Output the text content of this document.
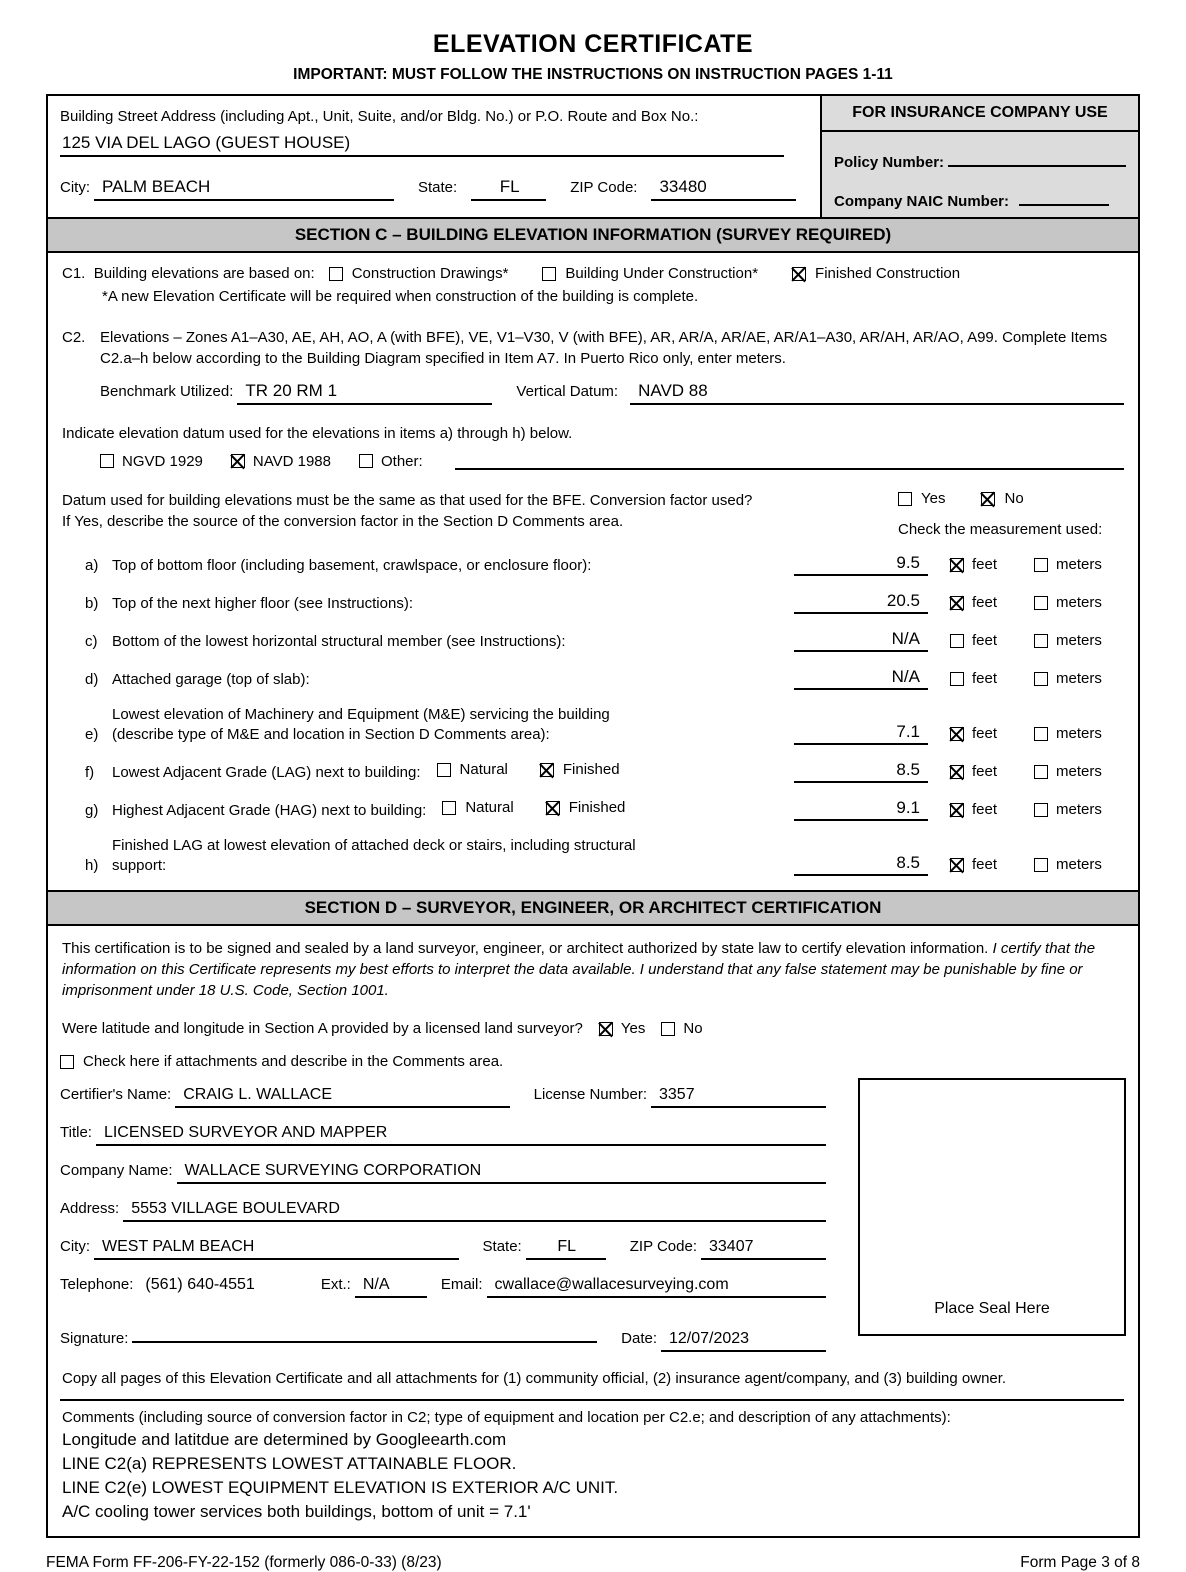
ELEVATION CERTIFICATE
IMPORTANT: MUST FOLLOW THE INSTRUCTIONS ON INSTRUCTION PAGES 1-11
Building Street Address (including Apt., Unit, Suite, and/or Bldg. No.) or P.O. Route and Box No.:
125 VIA DEL LAGO (GUEST HOUSE)
City: PALM BEACH	State:	FL	ZIP Code:	33480
FOR INSURANCE COMPANY USE
Policy Number:
Company NAIC Number:
SECTION C – BUILDING ELEVATION INFORMATION (SURVEY REQUIRED)
C1. Building elevations are based on: Construction Drawings*	Building Under Construction*	Finished Construction
*A new Elevation Certificate will be required when construction of the building is complete.
C2. Elevations – Zones A1–A30, AE, AH, AO, A (with BFE), VE, V1–V30, V (with BFE), AR, AR/A, AR/AE, AR/A1–A30, AR/AH, AR/AO, A99. Complete Items C2.a–h below according to the Building Diagram specified in Item A7. In Puerto Rico only, enter meters.
Benchmark Utilized: TR 20 RM 1	Vertical Datum:	NAVD 88
Indicate elevation datum used for the elevations in items a) through h) below.
NGVD 1929	NAVD 1988	Other:
Datum used for building elevations must be the same as that used for the BFE. Conversion factor used?
If Yes, describe the source of the conversion factor in the Section D Comments area.
Yes	No
Check the measurement used:
a) Top of bottom floor (including basement, crawlspace, or enclosure floor):	9.5	feet	meters
b) Top of the next higher floor (see Instructions):	20.5	feet	meters
c) Bottom of the lowest horizontal structural member (see Instructions):	N/A	feet	meters
d) Attached garage (top of slab):	N/A	feet	meters
e)
Lowest elevation of Machinery and Equipment (M&E) servicing the building
(describe type of M&E and location in Section D Comments area):	7.1	feet	meters
f)	Lowest Adjacent Grade (LAG) next to building:	Natural	Finished	8.5	feet	meters
g) Highest Adjacent Grade (HAG) next to building:	Natural	Finished	9.1	feet	meters
h)
Finished LAG at lowest elevation of attached deck or stairs, including structural
support:	8.5	feet	meters
SECTION D – SURVEYOR, ENGINEER, OR ARCHITECT CERTIFICATION
This certification is to be signed and sealed by a land surveyor, engineer, or architect authorized by state law to certify elevation information. I certify that the information on this Certificate represents my best efforts to interpret the data available. I understand that any false statement may be punishable by fine or imprisonment under 18 U.S. Code, Section 1001.
Were latitude and longitude in Section A provided by a licensed land surveyor?	Yes	No
Check here if attachments and describe in the Comments area.
Place Seal Here
Certifier's Name: CRAIG L. WALLACE	License Number: 3357
Title: LICENSED SURVEYOR AND MAPPER
Company Name: WALLACE SURVEYING CORPORATION
Address: 5553 VILLAGE BOULEVARD
City: WEST PALM BEACH	State:	FL	ZIP Code: 33407
Telephone: (561) 640-4551	Ext.: N/A	Email: cwallace@wallacesurveying.com
Signature:	Date: 12/07/2023
Copy all pages of this Elevation Certificate and all attachments for (1) community official, (2) insurance agent/company, and (3) building owner.
Comments (including source of conversion factor in C2; type of equipment and location per C2.e; and description of any attachments):
Longitude and latitdue are determined by Googleearth.com
LINE C2(a) REPRESENTS LOWEST ATTAINABLE FLOOR.
LINE C2(e) LOWEST EQUIPMENT ELEVATION IS EXTERIOR A/C UNIT.
A/C cooling tower services both buildings, bottom of unit = 7.1'
FEMA Form FF-206-FY-22-152 (formerly 086-0-33) (8/23)	Form Page 3 of 8
